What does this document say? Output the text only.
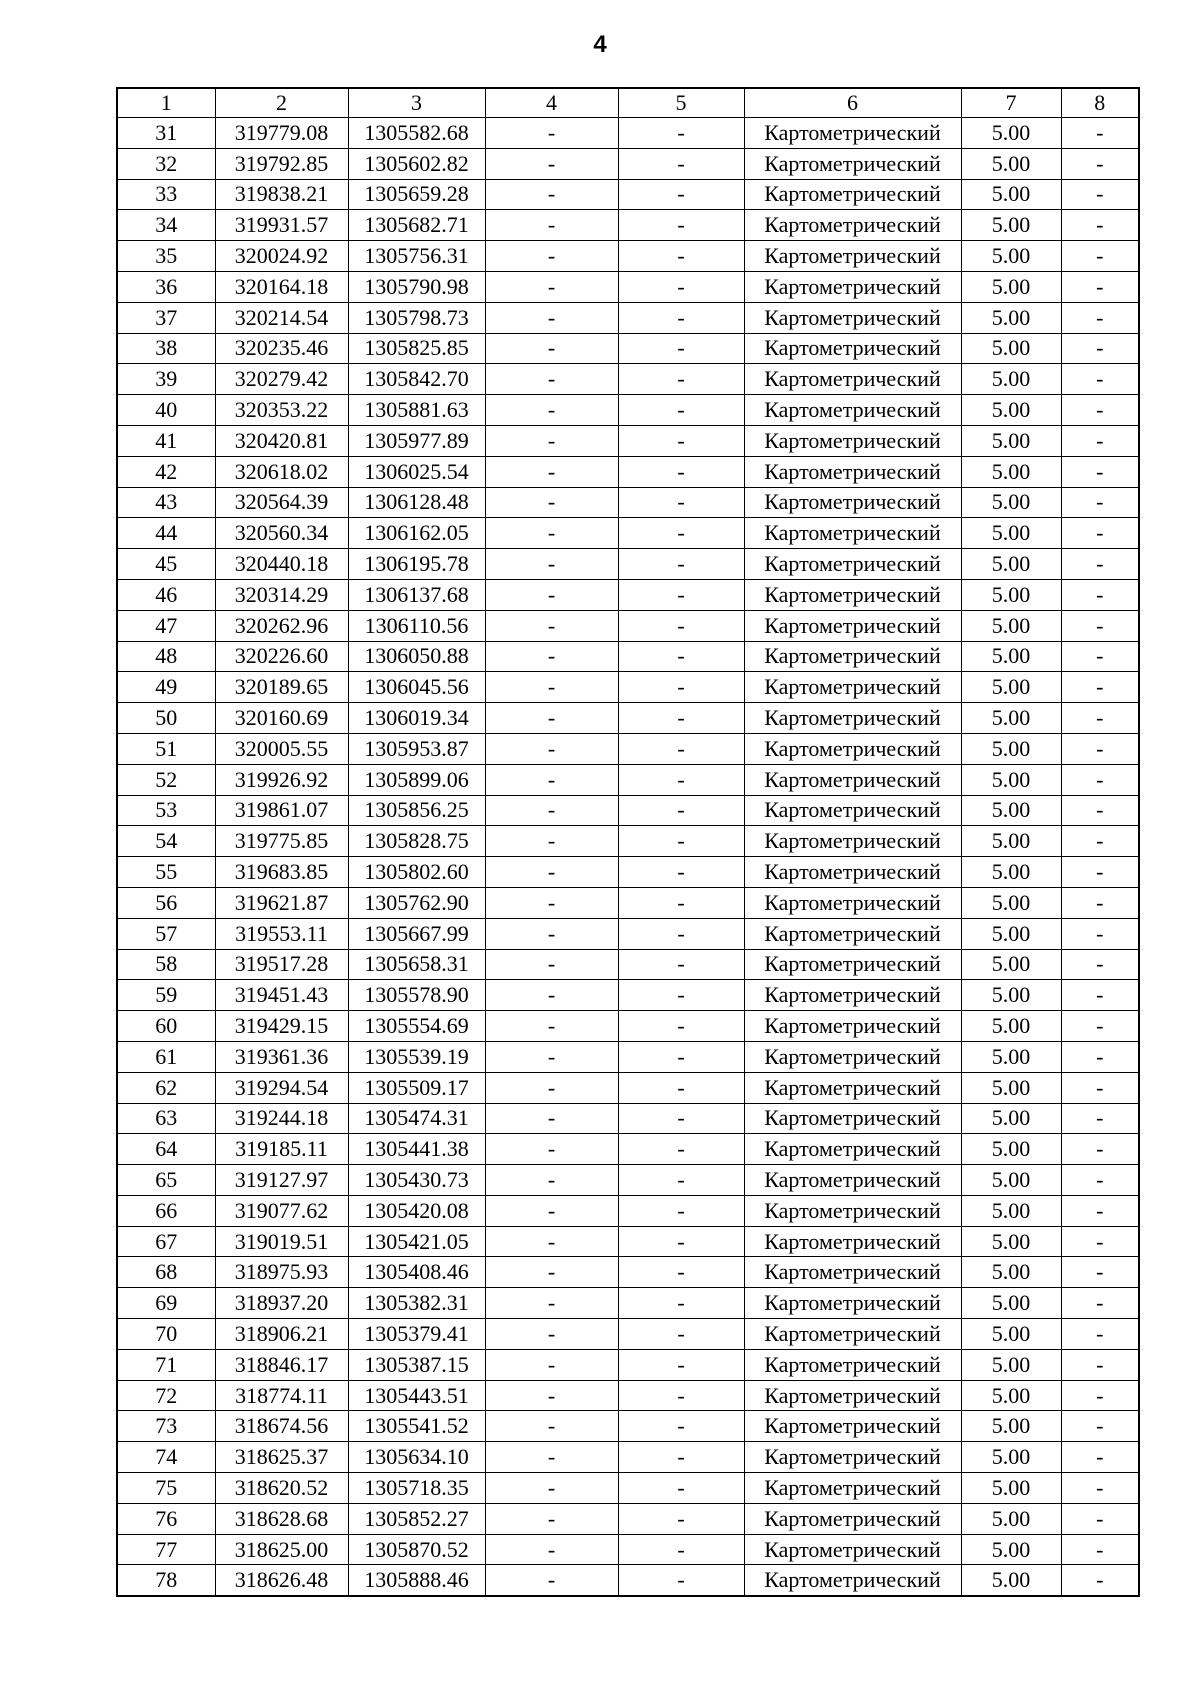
4
1	2	3	4	5	6	7	8
31	319779.08	1305582.68	-	-	Картометрический	5.00	-
32	319792.85	1305602.82	-	-	Картометрический	5.00	-
33	319838.21	1305659.28	-	-	Картометрический	5.00	-
34	319931.57	1305682.71	-	-	Картометрический	5.00	-
35	320024.92	1305756.31	-	-	Картометрический	5.00	-
36	320164.18	1305790.98	-	-	Картометрический	5.00	-
37	320214.54	1305798.73	-	-	Картометрический	5.00	-
38	320235.46	1305825.85	-	-	Картометрический	5.00	-
39	320279.42	1305842.70	-	-	Картометрический	5.00	-
40	320353.22	1305881.63	-	-	Картометрический	5.00	-
41	320420.81	1305977.89	-	-	Картометрический	5.00	-
42	320618.02	1306025.54	-	-	Картометрический	5.00	-
43	320564.39	1306128.48	-	-	Картометрический	5.00	-
44	320560.34	1306162.05	-	-	Картометрический	5.00	-
45	320440.18	1306195.78	-	-	Картометрический	5.00	-
46	320314.29	1306137.68	-	-	Картометрический	5.00	-
47	320262.96	1306110.56	-	-	Картометрический	5.00	-
48	320226.60	1306050.88	-	-	Картометрический	5.00	-
49	320189.65	1306045.56	-	-	Картометрический	5.00	-
50	320160.69	1306019.34	-	-	Картометрический	5.00	-
51	320005.55	1305953.87	-	-	Картометрический	5.00	-
52	319926.92	1305899.06	-	-	Картометрический	5.00	-
53	319861.07	1305856.25	-	-	Картометрический	5.00	-
54	319775.85	1305828.75	-	-	Картометрический	5.00	-
55	319683.85	1305802.60	-	-	Картометрический	5.00	-
56	319621.87	1305762.90	-	-	Картометрический	5.00	-
57	319553.11	1305667.99	-	-	Картометрический	5.00	-
58	319517.28	1305658.31	-	-	Картометрический	5.00	-
59	319451.43	1305578.90	-	-	Картометрический	5.00	-
60	319429.15	1305554.69	-	-	Картометрический	5.00	-
61	319361.36	1305539.19	-	-	Картометрический	5.00	-
62	319294.54	1305509.17	-	-	Картометрический	5.00	-
63	319244.18	1305474.31	-	-	Картометрический	5.00	-
64	319185.11	1305441.38	-	-	Картометрический	5.00	-
65	319127.97	1305430.73	-	-	Картометрический	5.00	-
66	319077.62	1305420.08	-	-	Картометрический	5.00	-
67	319019.51	1305421.05	-	-	Картометрический	5.00	-
68	318975.93	1305408.46	-	-	Картометрический	5.00	-
69	318937.20	1305382.31	-	-	Картометрический	5.00	-
70	318906.21	1305379.41	-	-	Картометрический	5.00	-
71	318846.17	1305387.15	-	-	Картометрический	5.00	-
72	318774.11	1305443.51	-	-	Картометрический	5.00	-
73	318674.56	1305541.52	-	-	Картометрический	5.00	-
74	318625.37	1305634.10	-	-	Картометрический	5.00	-
75	318620.52	1305718.35	-	-	Картометрический	5.00	-
76	318628.68	1305852.27	-	-	Картометрический	5.00	-
77	318625.00	1305870.52	-	-	Картометрический	5.00	-
78	318626.48	1305888.46	-	-	Картометрический	5.00	-
